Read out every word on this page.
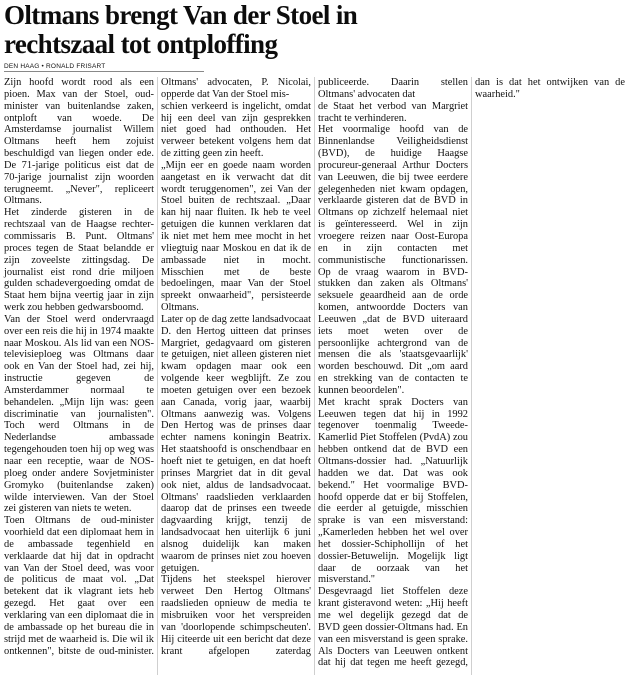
Oltmans brengt Van der Stoel in rechtszaal tot ontploffing
DEN HAAG • RONALD FRISART

Zijn hoofd wordt rood als een pioen. Max van der Stoel, oud-minister van buitenlandse zaken, ontploft van woede. De Amsterdamse journalist Willem Oltmans heeft hem zojuist beschuldigd van liegen onder ede. De 71-jarige politicus eist dat de 70-jarige journalist zijn woorden terugneemt. „Never", repliceert Oltmans.

Het zinderde gisteren in de rechtszaal van de Haagse rechter-commissaris B. Punt. Oltmans' proces tegen de Staat belandde er zijn zoveelste zittingsdag. De journalist eist rond drie miljoen gulden schadevergoeding omdat de Staat hem bijna veertig jaar in zijn werk zou hebben gedwarsboomd.

Van der Stoel werd ondervraagd over een reis die hij in 1974 maakte naar Moskou. Als lid van een NOS-televisieploeg was Oltmans daar ook en Van der Stoel had, zei hij, instructie gegeven de Amsterdammer normaal te behandelen. „Mijn lijn was: geen discriminatie van journalisten". Toch werd Oltmans in de Nederlandse ambassade tegengehouden toen hij op weg was naar een receptie, waar de NOS-ploeg onder andere Sovjetminister Gromyko (buitenlandse zaken) wilde interviewen. Van der Stoel zei gisteren van niets te weten.

Toen Oltmans de oud-minister voorhield dat een diplomaat hem in de ambassade tegenhield en verklaarde dat hij dat in opdracht van Van der Stoel deed, was voor de politicus de maat vol. „Dat betekent dat ik vlagrant iets heb gezegd. Het gaat over een verklaring van een diplomaat die in de ambassade op het bureau die in strijd met de waarheid is. Die wil ik ontkennen", bitste de oud-minister. Oltmans' advocaten, P. Nicolai, opperde dat Van der Stoel mis-

schien verkeerd is ingelicht, omdat hij een deel van zijn gesprekken niet goed had onthouden. Het verweer betekent volgens hem dat de zitting geen zin heeft.

„Mijn eer en goede naam worden aangetast en ik verwacht dat dit wordt teruggenomen", zei Van der Stoel buiten de rechtszaal. „Daar kan hij naar fluiten. Ik heb te veel getuigen die kunnen verklaren dat ik niet met hem mee mocht in het vliegtuig naar Moskou en dat ik de ambassade niet in mocht. Misschien met de beste bedoelingen, maar Van der Stoel spreekt onwaarheid", persisteerde Oltmans.

Later op de dag zette landsadvocaat D. den Hertog uitteen dat prinses Margriet, gedagvaard om gisteren te getuigen, niet alleen gisteren niet kwam opdagen maar ook een volgende keer wegblijft. Ze zou moeten getuigen over een bezoek aan Canada, vorig jaar, waarbij Oltmans aanwezig was. Volgens Den Hertog was de prinses daar echter namens koningin Beatrix. Het staatshoofd is onschendbaar en hoeft niet te getuigen, en dat hoeft prinses Margriet dat in dit geval ook niet, aldus de landsadvocaat. Oltmans' raadslieden verklaarden daarop dat de prinses een tweede dagvaarding krijgt, tenzij de landsadvocaat hen uiterlijk 6 juni alsnog duidelijk kan maken waarom de prinses niet zou hoeven getuigen.

Tijdens het steekspel hierover verweet Den Hertog Oltmans' raadslieden opnieuw de media te misbruiken voor het verspreiden van 'doorlopende schimpscheuten'. Hij citeerde uit een bericht dat deze krant afgelopen zaterdag publiceerde. Daarin stellen Oltmans' advocaten dat

de Staat het verbod van Margriet tracht te verhinderen.

Het voormalige hoofd van de Binnenlandse Veiligheidsdienst (BVD), de huidige Haagse procureur-generaal Arthur Docters van Leeuwen, die bij twee eerdere gelegenheden niet kwam opdagen, verklaarde gisteren dat de BVD in Oltmans op zichzelf helemaal niet is geïnteresseerd. Wel in zijn vroegere reizen naar Oost-Europa en in zijn contacten met communistische functionarissen. Op de vraag waarom in BVD-stukken dan zaken als Oltmans' seksuele geaardheid aan de orde komen, antwoordde Docters van Leeuwen „dat de BVD uiteraard iets moet weten over de persoonlijke achtergrond van de mensen die als 'staatsgevaarlijk' worden beschouwd. Dit „om aard en strekking van de contacten te kunnen beoordelen".

Met kracht sprak Docters van Leeuwen tegen dat hij in 1992 tegenover toenmalig Tweede-Kamerlid Piet Stoffelen (PvdA) zou hebben ontkend dat de BVD een Oltmans-dossier had. „Natuurlijk hadden we dat. Dat was ook bekend." Het voormalige BVD-hoofd opperde dat er bij Stoffelen, die eerder al getuigde, misschien sprake is van een misverstand: „Kamerleden hebben het wel over het dossier-Schiphollijn of het dossier-Betuwelijn. Mogelijk ligt daar de oorzaak van het misverstand."

Desgevraagd liet Stoffelen deze krant gisteravond weten: „Hij heeft me wel degelijk gezegd dat de BVD geen dossier-Oltmans had. En van een misverstand is geen sprake. Als Docters van Leeuwen ontkent dat hij dat tegen me heeft gezegd, dan is dat het ontwijken van de waarheid."
